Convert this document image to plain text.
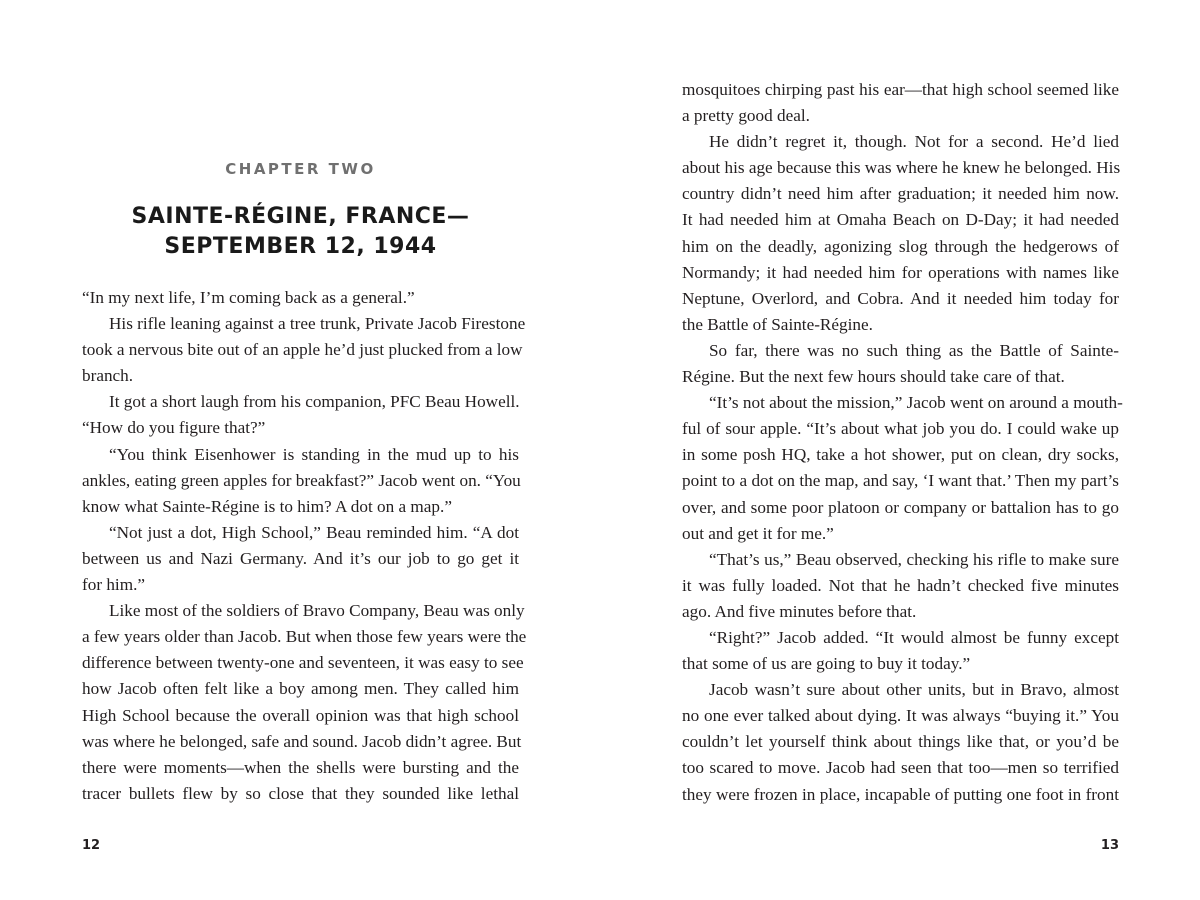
CHAPTER TWO
SAINTE-RÉGINE, FRANCE—
SEPTEMBER 12, 1944
“In my next life, I’m coming back as a general.”
His rifle leaning against a tree trunk, Private Jacob Firestone
took a nervous bite out of an apple he’d just plucked from a low
branch.
It got a short laugh from his companion, PFC Beau Howell.
“How do you figure that?”
“You think Eisenhower is standing in the mud up to his
ankles, eating green apples for breakfast?” Jacob went on. “You
know what Sainte-Régine is to him? A dot on a map.”
“Not just a dot, High School,” Beau reminded him. “A dot
between us and Nazi Germany. And it’s our job to go get it
for him.”
Like most of the soldiers of Bravo Company, Beau was only
a few years older than Jacob. But when those few years were the
difference between twenty-one and seventeen, it was easy to see
how Jacob often felt like a boy among men. They called him
High School because the overall opinion was that high school
was where he belonged, safe and sound. Jacob didn’t agree. But
there were moments—when the shells were bursting and the
tracer bullets flew by so close that they sounded like lethal
12
mosquitoes chirping past his ear—that high school seemed like
a pretty good deal.
He didn’t regret it, though. Not for a second. He’d lied
about his age because this was where he knew he belonged. His
country didn’t need him after graduation; it needed him now.
It had needed him at Omaha Beach on D-Day; it had needed
him on the deadly, agonizing slog through the hedgerows of
Normandy; it had needed him for operations with names like
Neptune, Overlord, and Cobra. And it needed him today for
the Battle of Sainte-Régine.
So far, there was no such thing as the Battle of Sainte-
Régine. But the next few hours should take care of that.
“It’s not about the mission,” Jacob went on around a mouth-
ful of sour apple. “It’s about what job you do. I could wake up
in some posh HQ, take a hot shower, put on clean, dry socks,
point to a dot on the map, and say, ‘I want that.’ Then my part’s
over, and some poor platoon or company or battalion has to go
out and get it for me.”
“That’s us,” Beau observed, checking his rifle to make sure
it was fully loaded. Not that he hadn’t checked five minutes
ago. And five minutes before that.
“Right?” Jacob added. “It would almost be funny except
that some of us are going to buy it today.”
Jacob wasn’t sure about other units, but in Bravo, almost
no one ever talked about dying. It was always “buying it.” You
couldn’t let yourself think about things like that, or you’d be
too scared to move. Jacob had seen that too—men so terrified
they were frozen in place, incapable of putting one foot in front
13
